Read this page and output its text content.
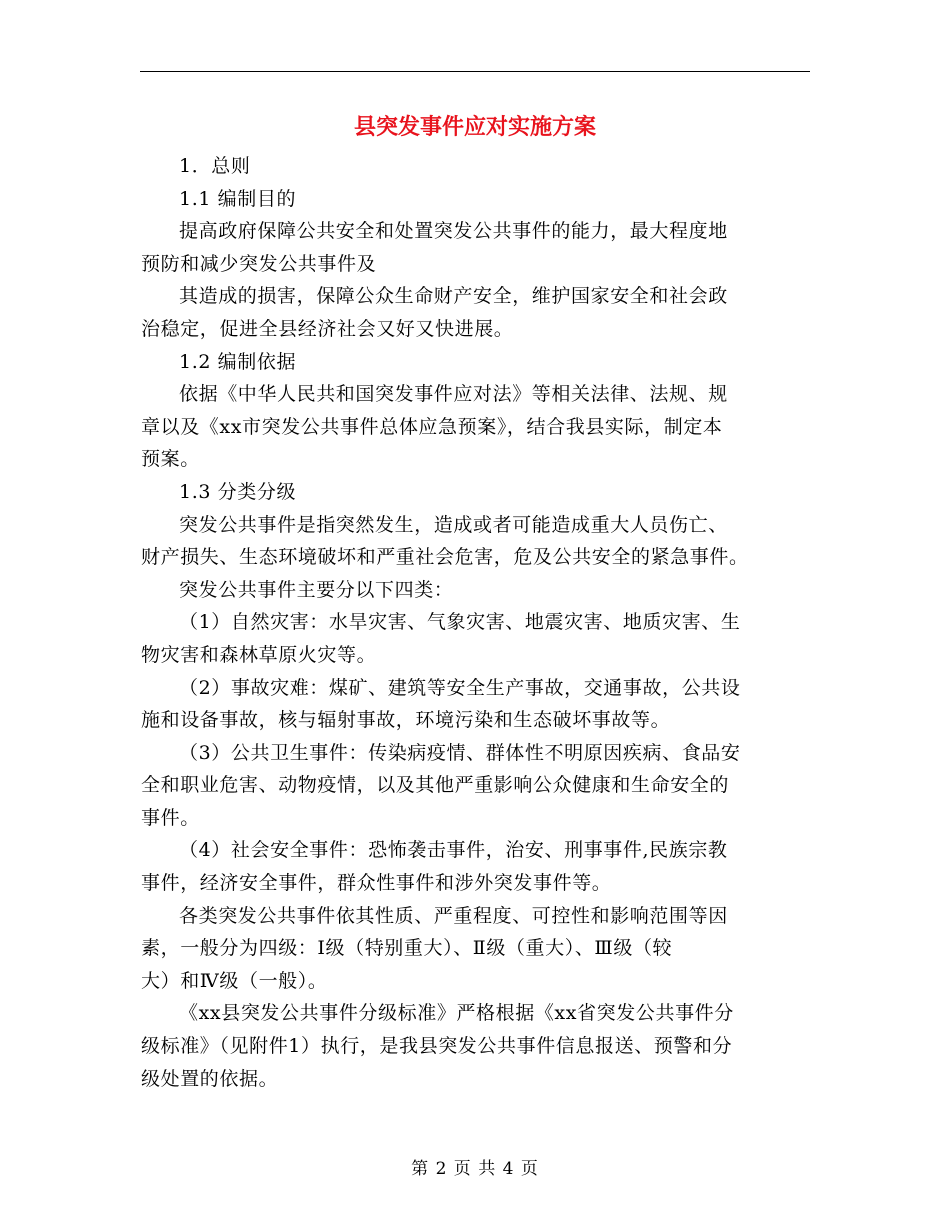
县突发事件应对实施方案
1．总则
1.1 编制目的
提高政府保障公共安全和处置突发公共事件的能力，最大程度地
预防和减少突发公共事件及
其造成的损害，保障公众生命财产安全，维护国家安全和社会政
治稳定，促进全县经济社会又好又快进展。
1.2 编制依据
依据《中华人民共和国突发事件应对法》等相关法律、法规、规
章以及《xx市突发公共事件总体应急预案》，结合我县实际，制定本
预案。
1.3 分类分级
突发公共事件是指突然发生，造成或者可能造成重大人员伤亡、
财产损失、生态环境破坏和严重社会危害，危及公共安全的紧急事件。
突发公共事件主要分以下四类：
（1）自然灾害：水旱灾害、气象灾害、地震灾害、地质灾害、生
物灾害和森林草原火灾等。
（2）事故灾难：煤矿、建筑等安全生产事故，交通事故，公共设
施和设备事故，核与辐射事故，环境污染和生态破坏事故等。
（3）公共卫生事件：传染病疫情、群体性不明原因疾病、食品安
全和职业危害、动物疫情，以及其他严重影响公众健康和生命安全的
事件。
（4）社会安全事件：恐怖袭击事件，治安、刑事事件,民族宗教
事件，经济安全事件，群众性事件和涉外突发事件等。
各类突发公共事件依其性质、严重程度、可控性和影响范围等因
素，一般分为四级：Ⅰ级（特别重大）、Ⅱ级（重大）、Ⅲ级（较
大）和Ⅳ级（一般）。
《xx县突发公共事件分级标准》严格根据《xx省突发公共事件分
级标准》（见附件1）执行，是我县突发公共事件信息报送、预警和分
级处置的依据。
第 2 页 共 4 页
